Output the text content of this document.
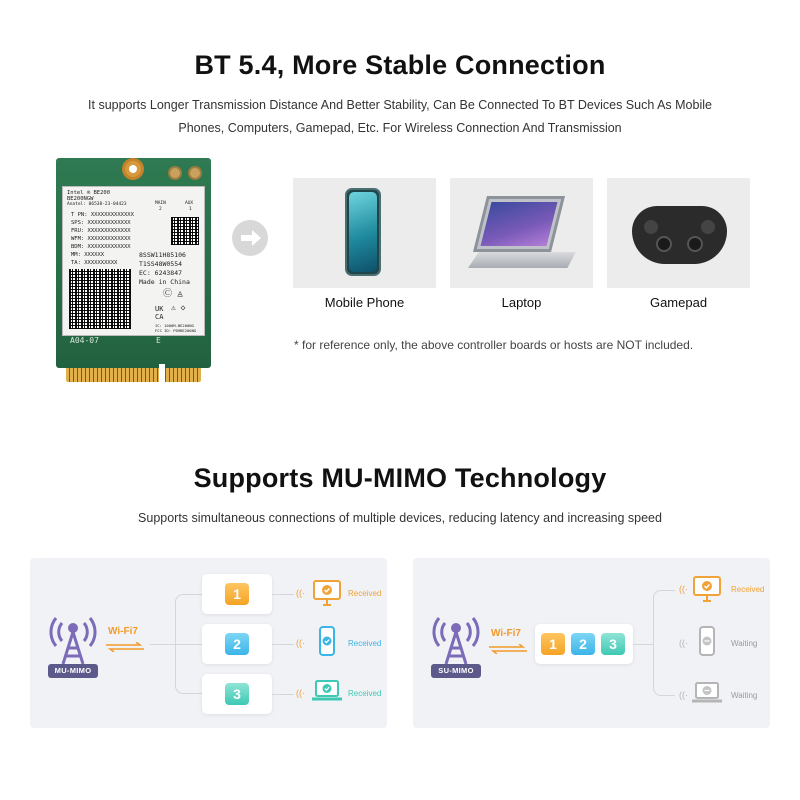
BT 5.4, More Stable Connection
It supports Longer Transmission Distance And Better Stability, Can Be Connected To BT Devices Such As Mobile
Phones, Computers, Gamepad, Etc. For Wireless Connection And Transmission
Intel ® BE200
BE200NGW
Anatel: 06538-23-04423	MAIN
2
AUX
1
T PN: XXXXXXXXXXXXX
SPS: XXXXXXXXXXXXX
FRU: XXXXXXXXXXXXX
WFM: XXXXXXXXXXXXX
BDM: XXXXXXXXXXXXX
MM: XXXXXX
TA: XXXXXXXXXX
8SSW11H85106
T1SS48W0554
EC: 6243847
Made in China
Ⓒ ◬
UK
CA
⚠ ◇
IC: 1000M-BE200NG
FCC ID: PD9BE200NG
A04-07	E
Mobile Phone	Laptop	Gamepad
* for reference only, the above controller boards or hosts are NOT included.
Supports MU-MIMO Technology
Supports simultaneous connections of multiple devices, reducing latency and increasing speed
MU-MIMO
Wi-Fi7
1
2
3
((·
((·
((·
Received
Received
Received
SU-MIMO
Wi-Fi7
1	2	3
((·
((·
((·
Received
Waiting
Waiting
